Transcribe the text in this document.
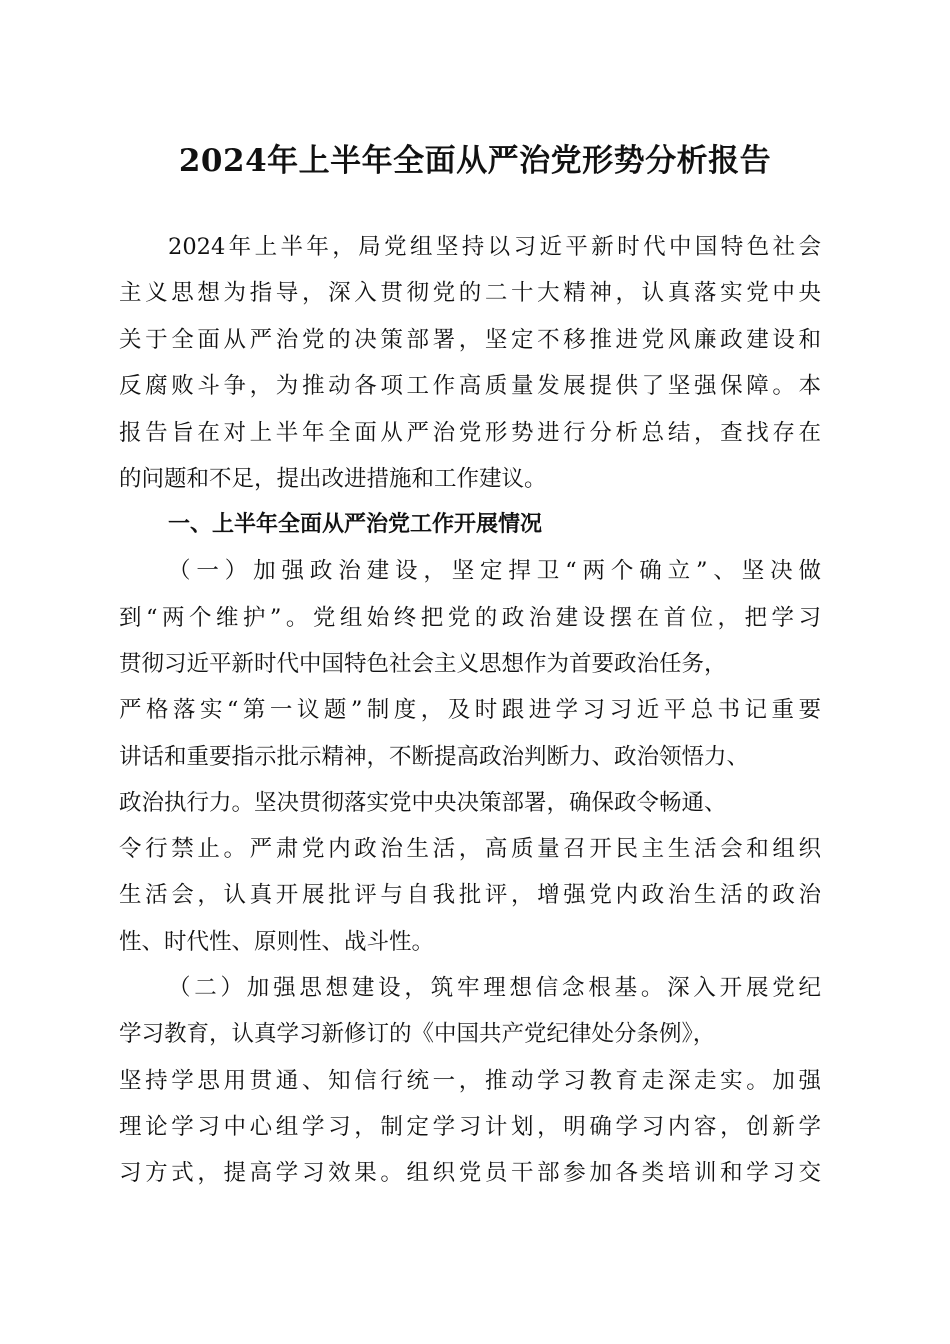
2024年上半年全面从严治党形势分析报告
2024年上半年，局党组坚持以习近平新时代中国特色社会
主义思想为指导，深入贯彻党的二十大精神，认真落实党中央
关于全面从严治党的决策部署，坚定不移推进党风廉政建设和
反腐败斗争，为推动各项工作高质量发展提供了坚强保障。本
报告旨在对上半年全面从严治党形势进行分析总结，查找存在
的问题和不足，提出改进措施和工作建议。
一、上半年全面从严治党工作开展情况
（一）加强政治建设，坚定捍卫“两个确立”、坚决做
到“两个维护”。党组始终把党的政治建设摆在首位，把学习
贯彻习近平新时代中国特色社会主义思想作为首要政治任务，
严格落实“第一议题”制度，及时跟进学习习近平总书记重要
讲话和重要指示批示精神，不断提高政治判断力、政治领悟力、
政治执行力。坚决贯彻落实党中央决策部署，确保政令畅通、
令行禁止。严肃党内政治生活，高质量召开民主生活会和组织
生活会，认真开展批评与自我批评，增强党内政治生活的政治
性、时代性、原则性、战斗性。
（二）加强思想建设，筑牢理想信念根基。深入开展党纪
学习教育，认真学习新修订的《中国共产党纪律处分条例》，
坚持学思用贯通、知信行统一，推动学习教育走深走实。加强
理论学习中心组学习，制定学习计划，明确学习内容，创新学
习方式，提高学习效果。组织党员干部参加各类培训和学习交
